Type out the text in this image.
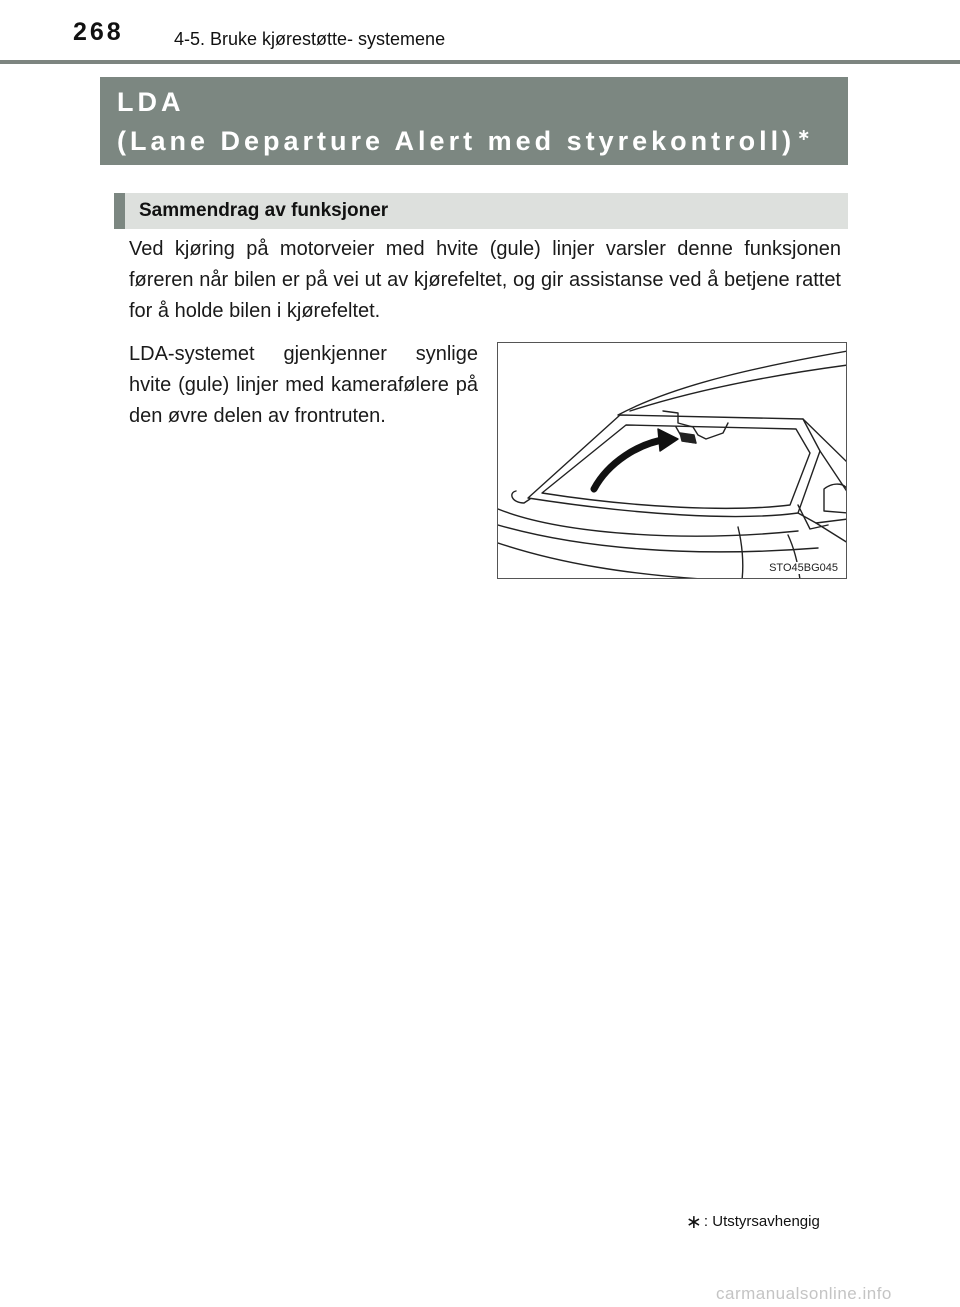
268	4-5. Bruke kjørestøtte- systemene
LDA
(Lane Departure Alert med styrekontroll) ∗
Sammendrag av funksjoner

Ved kjøring på motorveier med hvite (gule) linjer varsler denne funksjonen føreren når bilen er på vei ut av kjørefeltet, og gir assistanse ved å betjene rattet for å holde bilen i kjørefeltet.

LDA-systemet gjenkjenner synlige hvite (gule) linjer med kamerafølere på den øvre delen av frontruten.

STO45BG045
∗ : Utstyrsavhengig
carmanualsonline.info
